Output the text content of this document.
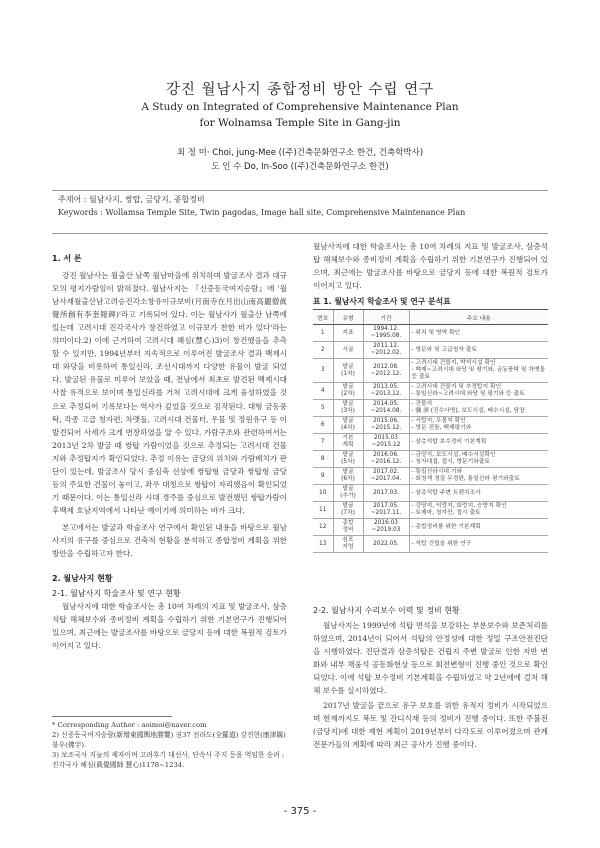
강진 월남사지 종합정비 방안 수립 연구
A Study on Integrated of Comprehensive Maintenance Plan
for Wolnamsa Temple Site in Gang-jin
최 정 미· Choi, jung-Mee ((주)건축문화연구소 한건, 건축학박사)
도 인 수 Do, In-Soo ((주)건축문화연구소 한건)
주제어 : 월남사지, 쌍탑, 금당지, 종합정비
Keywords : Wollamsa Temple Site, Twin pagodas, Image hall site, Comprehensive Maintenance Plan
1. 서 론

강진 월남사는 월출산 남쪽 월남마을에 위치하며 발굴조사 결과 대규모의 평지가람임이 밝혀졌다. 월남사지는 『신증동국여지승람』에 '월남사재월출산남고려승진각소창유이규보비(月南寺在月出山南高麗僧眞覺所創有李奎報碑)'라고 기록되어 있다. 이는 월남사가 월출산 남쪽에 있는데 고려시대 진각국사가 창건하였고 이규보가 찬한 비가 있다'라는 의미이다.2) 이에 근거하여 고려시대 혜심(慧心)3)이 창건했음을 추측할 수 있지만, 1994년부터 지속적으로 이루어진 발굴조사 결과 백제시대 와당을 비롯하여 통일신라, 조선시대까지 다양한 유물이 발굴 되었다. 발굴된 유물로 미루어 보았을 때, 전남에서 최초로 발견된 백제시대 사찰 유적으로 보이며 통일신라를 거쳐 고려시대에 크게 융성하였을 것으로 추정되어 기록보다는 역사가 깊었을 것으로 짐작된다. 대형 금동풍탁, 각종 고급 청자편, 차맷돌, 고려시대 건물터, 우물 및 정원유구 등 이 발견되어 사세가 크게 번창하였을 알 수 있다. 가람구조와 관련하여서는 2013년 2차 발굴 때 쌍탑 가람이었을 것으로 추정되는 고려시대 건물지와 추정탑지가 확인되었다. 추정 이유는 금당의 위치와 가람배치가 판단이 있는데, 발굴조사 당시 중심축 선상에 쌍탑형 금당과 쌍탑형 금당 등의 주요한 건물이 놓이고, 좌우 대칭으로 쌍탑이 자리했음이 확인되었기 때문이다. 이는 통일신라 시대 경주를 중심으로 발전했던 쌍탑가람이 후백제 호남지역에서 나타난 예이기에 의미하는 바가 크다.

본고에서는 발굴과 학술조사 연구에서 확인된 내용을 바탕으로 월남사지의 유구를 중심으로 건축적 현황을 분석하고 종합정비 계획을 위한 방안을 수립하고자 한다.

2. 월남사지 현황
2-1. 월남사지 학술조사 및 연구 현황

월남사지에 대한 학술조사는 총 10여 차례의 지표 및 발굴조사, 삼층석탑 해체보수와 종비정비 계획을 수립하기 위한 기본연구가 진행되어 있으며, 최근에는 발굴조사를 바탕으로 금당지 등에 대한 복원적 검토가 이어지고 있다.

* Corresponding Author : aoimoi@naver.com
2) 신증동국여지승람(新增東國輿地勝覽) 권37 전라도(全羅道) 강진현(康津縣) 불우(佛宇).
3) 보조국사 지눌의 제자이며 고려후기 대선사, 단속사 주지 등을 역임한 승려 : 진각국사 혜심(眞覺國師 慧心)1178~1234.

월남사지에 대한 학술조사는 총 10여 차례의 지표 및 발굴조사, 삼층석탑 해체보수와 종비정비 계획을 수립하기 위한 기본연구가 진행되어 있으며, 최근에는 발굴조사를 바탕으로 금당지 등에 대한 복원적 검토가 이어지고 있다.

표 1. 월남사지 학술조사 및 연구 분석표
번호	유형	기간	주요 내용
1	지표	1994.12.
~1995.08.	- 위치 및 영역 확인
2	시굴	2011.12.
~2012.02.	- 영문와 및 고급청자 출토
3	발굴
(1차)	2012.08.
~2012.12.	- 고려시대 건물지, 박석시설 확인
- 백제~고려시대 와당 및 평기와, 금동풍탁 및 차맷돌 등 출토
4	발굴
(2차)	2013.05.
~2013.12.	- 고려시대 건물지 및 추정탑지 확인
- 통일신라~고려시대 와당 및 평기와 등 출토
5	발굴
(3차)	2014.05.
~2014.08.	- 건물지
- 彌 游 (진수사명), 보도시설, 배수시설, 담장
6	발굴
(4차)	2015.06.
~2015.12.	- 서탑지, 우물지 확인
- 영문 전돌, 백제평기와
7	기본
계획	2015.03
~2015.12	- 삼층석탑 보수정비 기본계획
8	발굴
(5차)	2016.06.
~2016.12.	- 금당지, 보도시설, 배수시설확인
- 청자대접, 접시, 명문기와출토
9	발굴
(6차)	2017.02.
~2017.04.	- 통일신라시대 기와
- 회청색 경질 무경편, 통일신라 평기와출토
10	발굴
(추가)	2017.03.	- 삼층석탑 주변 트렌치조사
11	발굴
(7차)	2017.05.
~2017.11.	- 강당지, 익랑지, 회랑지, 승방지 확인
- 토제마, 청자잔, 접시 출토
12	종합
정비	2016.03
~2019.03	- 종합정비를 위한 기본계획
13	심포
지엄	2022.05.	- 석탑 건립을 위한 연구
2-2. 월남사지 수리보수 이력 및 정비 현황

월남사지는 1999년에 석탑 면석을 보강하는 부분보수와 보존처리를 하였으며, 2014년이 되어서 석탑의 안정성에 대한 정밀 구조안전진단을 시행하였다. 진단결과 삼층석탑은 건립지 주변 발굴로 인한 지반 변화와 내부 채움석 공동화현상 등으로 회전변형이 진행 중인 것으로 확인되었다. 이에 석탑 보수정비 기본계획을 수립하였고 약 2년에에 걸쳐 해체 보수를 실시하였다.

2017년 발굴을 끝으로 유구 보호를 위한 유적지 정비가 시작되었으며 현재까지도 복토 및 잔디식재 등의 정비가 진행 중이다. 또한 주불전(금당지)에 대한 재현 계획이 2019년부터 다각도로 이루어졌으며 관계전문가들의 계획에 따라 최근 공사가 진행 중이다.

- 375 -
